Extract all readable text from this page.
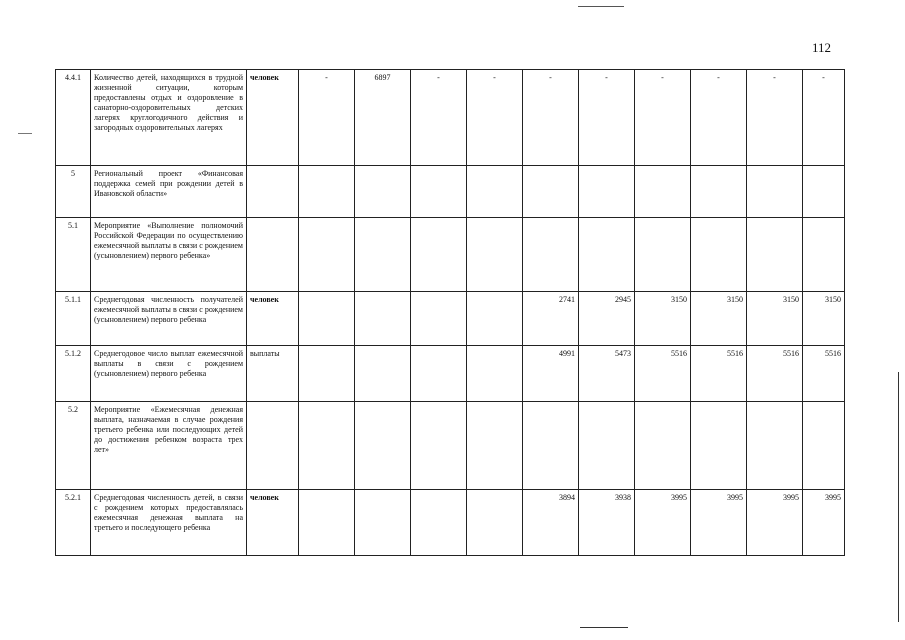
112
4.4.1	Количество детей, находящихся в трудной жизненной ситуации, которым предоставлены отдых и оздоровление в санаторно-оздоровительных детских лагерях круглогодичного действия и загородных оздоровительных лагерях	человек	-	6897	-	-	-	-	-	-	-	-
5	Региональный проект «Финансовая поддержка семей при рождении детей в Ивановской области»											
5.1	Мероприятие «Выполнение полномочий Российской Федерации по осуществлению ежемесячной выплаты в связи с рождением (усыновлением) первого ребенка»											
5.1.1	Среднегодовая численность получателей ежемесячной выплаты в связи с рождением (усыновлением) первого ребенка	человек					2741	2945	3150	3150	3150	3150
5.1.2	Среднегодовое число выплат ежемесячной выплаты в связи с рождением (усыновлением) первого ребенка	выплаты					4991	5473	5516	5516	5516	5516
5.2	Мероприятие «Ежемесячная денежная выплата, назначаемая в случае рождения третьего ребенка или последующих детей до достижения ребенком возраста трех лет»											
5.2.1	Среднегодовая численность детей, в связи с рождением которых предоставлялась ежемесячная денежная выплата на третьего и последующего ребенка	человек					3894	3938	3995	3995	3995	3995
